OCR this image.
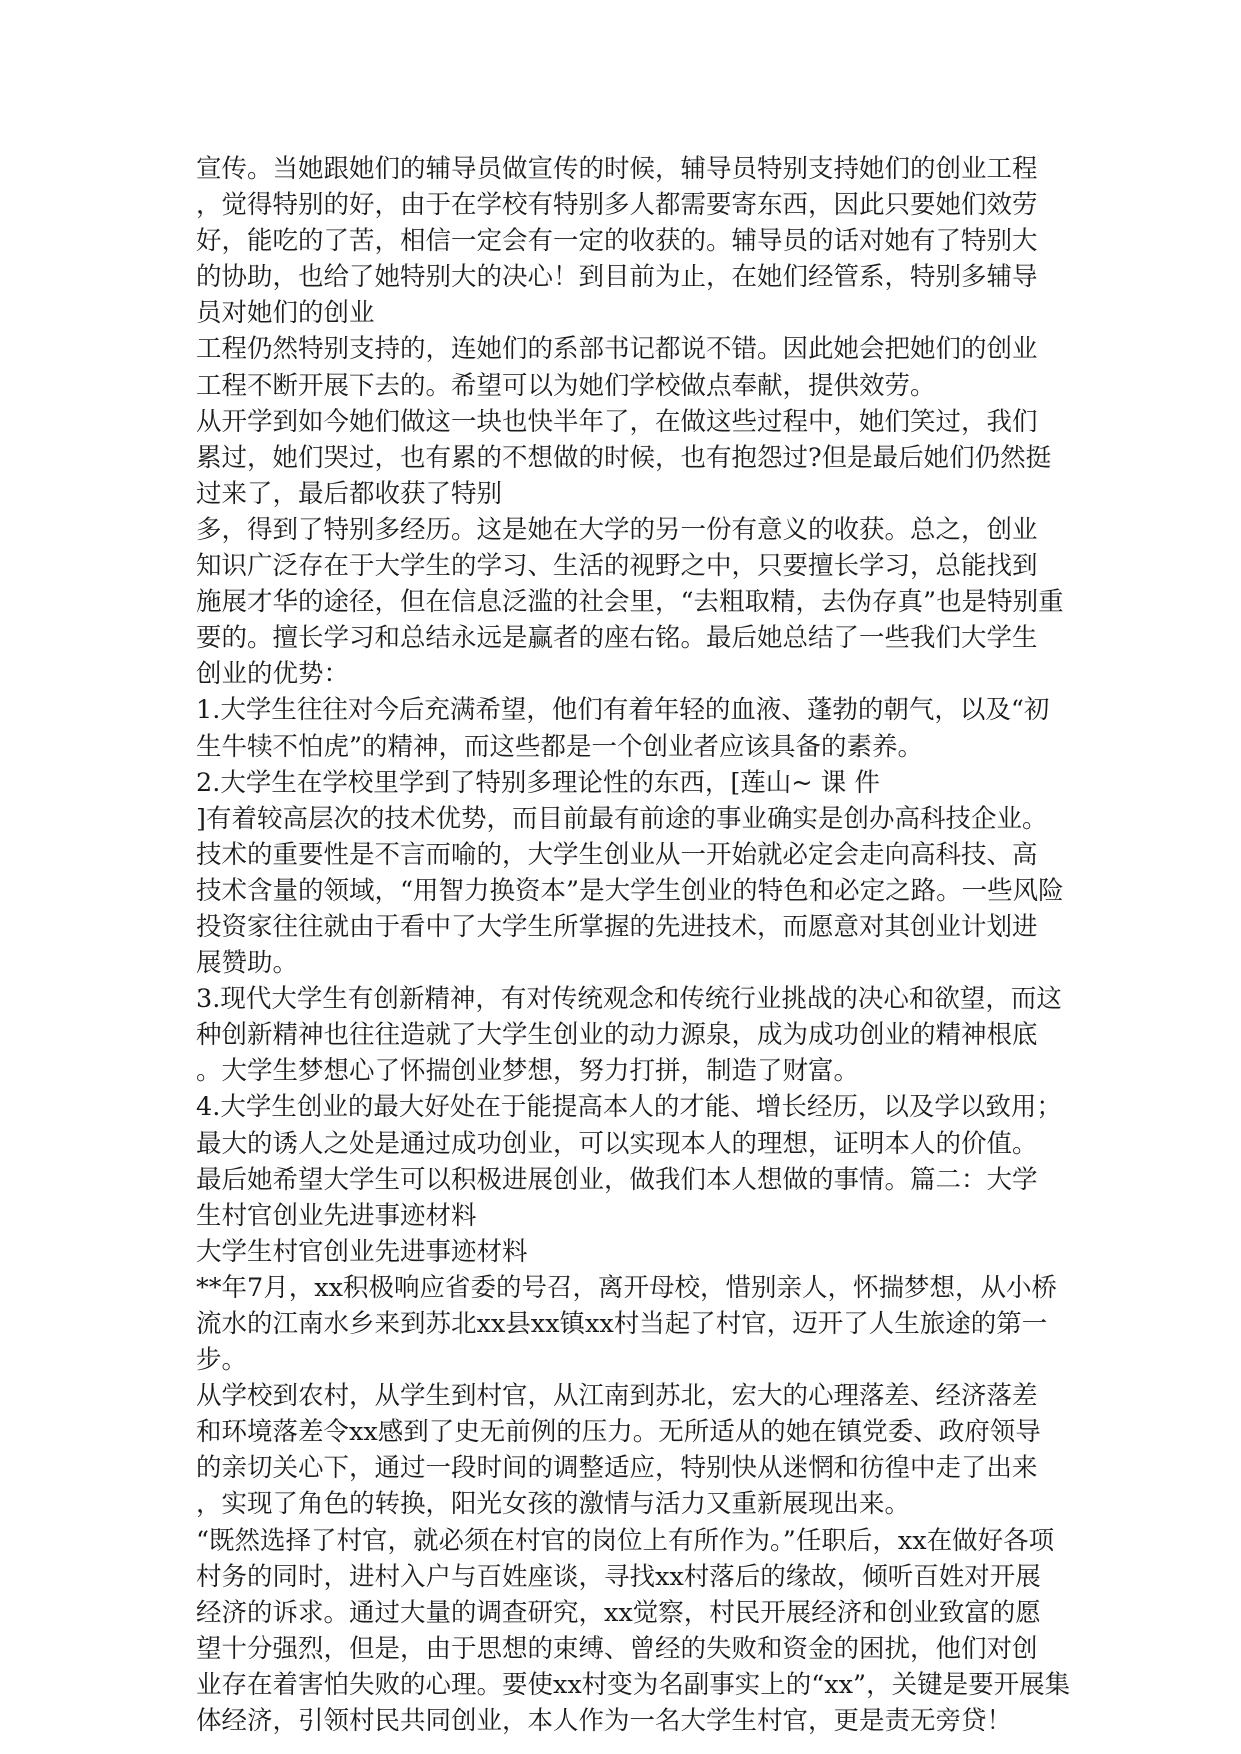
宣传。当她跟她们的辅导员做宣传的时候，辅导员特别支持她们的创业工程
，觉得特别的好，由于在学校有特别多人都需要寄东西，因此只要她们效劳
好，能吃的了苦，相信一定会有一定的收获的。辅导员的话对她有了特别大
的协助，也给了她特别大的决心！到目前为止，在她们经管系，特别多辅导
员对她们的创业
工程仍然特别支持的，连她们的系部书记都说不错。因此她会把她们的创业
工程不断开展下去的。希望可以为她们学校做点奉献，提供效劳。
从开学到如今她们做这一块也快半年了，在做这些过程中，她们笑过，我们
累过，她们哭过，也有累的不想做的时候，也有抱怨过?但是最后她们仍然挺
过来了，最后都收获了特别
多，得到了特别多经历。这是她在大学的另一份有意义的收获。总之，创业
知识广泛存在于大学生的学习、生活的视野之中，只要擅长学习，总能找到
施展才华的途径，但在信息泛滥的社会里，“去粗取精，去伪存真”也是特别重
要的。擅长学习和总结永远是赢者的座右铭。最后她总结了一些我们大学生
创业的优势：
1.大学生往往对今后充满希望，他们有着年轻的血液、蓬勃的朝气，以及“初
生牛犊不怕虎”的精神，而这些都是一个创业者应该具备的素养。
2.大学生在学校里学到了特别多理论性的东西，[莲山~ 课 件
]有着较高层次的技术优势，而目前最有前途的事业确实是创办高科技企业。
技术的重要性是不言而喻的，大学生创业从一开始就必定会走向高科技、高
技术含量的领域，“用智力换资本”是大学生创业的特色和必定之路。一些风险
投资家往往就由于看中了大学生所掌握的先进技术，而愿意对其创业计划进
展赞助。
3.现代大学生有创新精神，有对传统观念和传统行业挑战的决心和欲望，而这
种创新精神也往往造就了大学生创业的动力源泉，成为成功创业的精神根底
。大学生梦想心了怀揣创业梦想，努力打拼，制造了财富。
4.大学生创业的最大好处在于能提高本人的才能、增长经历，以及学以致用；
最大的诱人之处是通过成功创业，可以实现本人的理想，证明本人的价值。
最后她希望大学生可以积极进展创业，做我们本人想做的事情。篇二：大学
生村官创业先进事迹材料
大学生村官创业先进事迹材料
**年7月，xx积极响应省委的号召，离开母校，惜别亲人，怀揣梦想，从小桥
流水的江南水乡来到苏北xx县xx镇xx村当起了村官，迈开了人生旅途的第一
步。
从学校到农村，从学生到村官，从江南到苏北，宏大的心理落差、经济落差
和环境落差令xx感到了史无前例的压力。无所适从的她在镇党委、政府领导
的亲切关心下，通过一段时间的调整适应，特别快从迷惘和彷徨中走了出来
，实现了角色的转换，阳光女孩的激情与活力又重新展现出来。
“既然选择了村官，就必须在村官的岗位上有所作为。”任职后，xx在做好各项
村务的同时，进村入户与百姓座谈，寻找xx村落后的缘故，倾听百姓对开展
经济的诉求。通过大量的调查研究，xx觉察，村民开展经济和创业致富的愿
望十分强烈，但是，由于思想的束缚、曾经的失败和资金的困扰，他们对创
业存在着害怕失败的心理。要使xx村变为名副事实上的“xx”，关键是要开展集
体经济，引领村民共同创业，本人作为一名大学生村官，更是责无旁贷！
